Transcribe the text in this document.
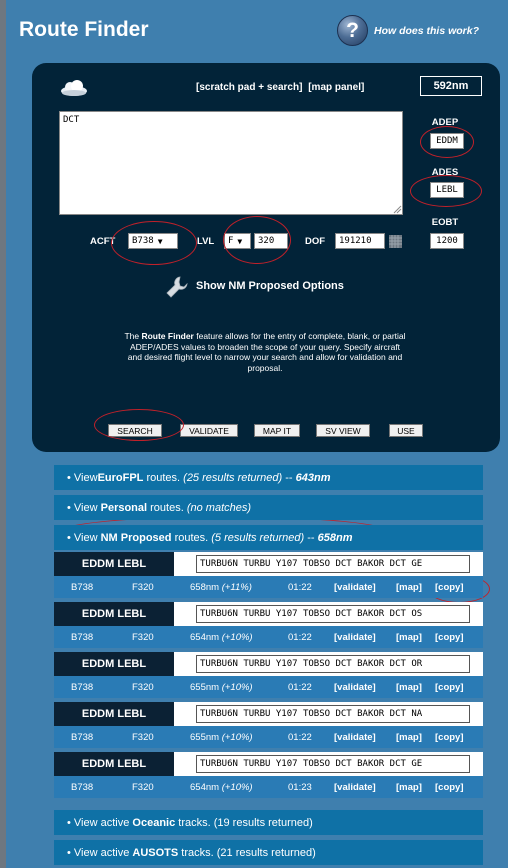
Route Finder	?	How does this work?
[scratch pad + search] [map panel]	592nm
DCT	ADEP
EDDM
ADES
LEBL
EOBT
1200
ACFT B738 ▼	LVL F ▼	320	DOF	191210
Show NM Proposed Options
The Route Finder feature allows for the entry of complete, blank, or partial ADEP/ADES values to broaden the scope of your query. Specify aircraft and desired flight level to narrow your search and allow for validation and proposal.
SEARCH	VALIDATE	MAP IT	SV VIEW	USE
• View EuroFPL routes. (25 results returned) -- 643nm
• View Personal routes. (no matches)
• View NM Proposed routes. (5 results returned) -- 658nm
EDDM LEBL	TURBU6N TURBU Y107 TOBSO DCT BAKOR DCT GE
B738	F320	658nm (+11%)	01:22 [validate] [map] [copy]
EDDM LEBL	TURBU6N TURBU Y107 TOBSO DCT BAKOR DCT OS
B738	F320	654nm (+10%)	01:22 [validate] [map] [copy]
EDDM LEBL	TURBU6N TURBU Y107 TOBSO DCT BAKOR DCT OR
B738	F320	655nm (+10%)	01:22 [validate] [map] [copy]
EDDM LEBL	TURBU6N TURBU Y107 TOBSO DCT BAKOR DCT NA
B738	F320	655nm (+10%)	01:22 [validate] [map] [copy]
EDDM LEBL	TURBU6N TURBU Y107 TOBSO DCT BAKOR DCT GE
B738	F320	654nm (+10%)	01:23 [validate] [map] [copy]
• View active Oceanic tracks. (19 results returned)
• View active AUSOTS tracks. (21 results returned)
